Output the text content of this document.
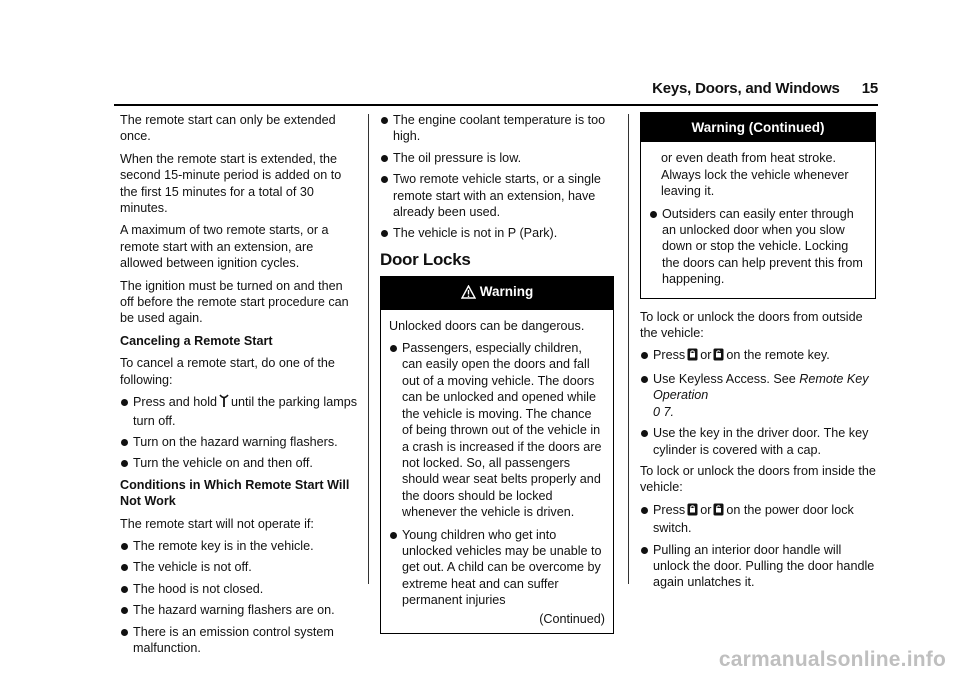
Keys, Doors, and Windows 15

The remote start can only be extended once.

When the remote start is extended, the second 15-minute period is added on to the first 15 minutes for a total of 30 minutes.

A maximum of two remote starts, or a remote start with an extension, are allowed between ignition cycles.

The ignition must be turned on and then off before the remote start procedure can be used again.

Canceling a Remote Start

To cancel a remote start, do one of the following:

Press and hold until the parking lamps turn off.
Turn on the hazard warning flashers.
Turn the vehicle on and then off.

Conditions in Which Remote Start Will Not Work

The remote start will not operate if:

The remote key is in the vehicle.
The vehicle is not off.
The hood is not closed.
The hazard warning flashers are on.
There is an emission control system malfunction.
The engine coolant temperature is too high.
The oil pressure is low.
Two remote vehicle starts, or a single remote start with an extension, have already been used.
The vehicle is not in P (Park).
Door Locks
Warning

Unlocked doors can be dangerous.

Passengers, especially children, can easily open the doors and fall out of a moving vehicle. The doors can be unlocked and opened while the vehicle is moving. The chance of being thrown out of the vehicle in a crash is increased if the doors are not locked. So, all passengers should wear seat belts properly and the doors should be locked whenever the vehicle is driven.
Young children who get into unlocked vehicles may be unable to get out. A child can be overcome by extreme heat and can suffer permanent injuries
(Continued)
Warning (Continued)

or even death from heat stroke. Always lock the vehicle whenever leaving it.

Outsiders can easily enter through an unlocked door when you slow down or stop the vehicle. Locking the doors can help prevent this from happening.

To lock or unlock the doors from outside the vehicle:

Press or on the remote key.
Use Keyless Access. See Remote Key Operation
0 7.
Use the key in the driver door. The key cylinder is covered with a cap.

To lock or unlock the doors from inside the vehicle:

Press or on the power door lock switch.
Pulling an interior door handle will unlock the door. Pulling the door handle again unlatches it.
carmanualsonline.info
